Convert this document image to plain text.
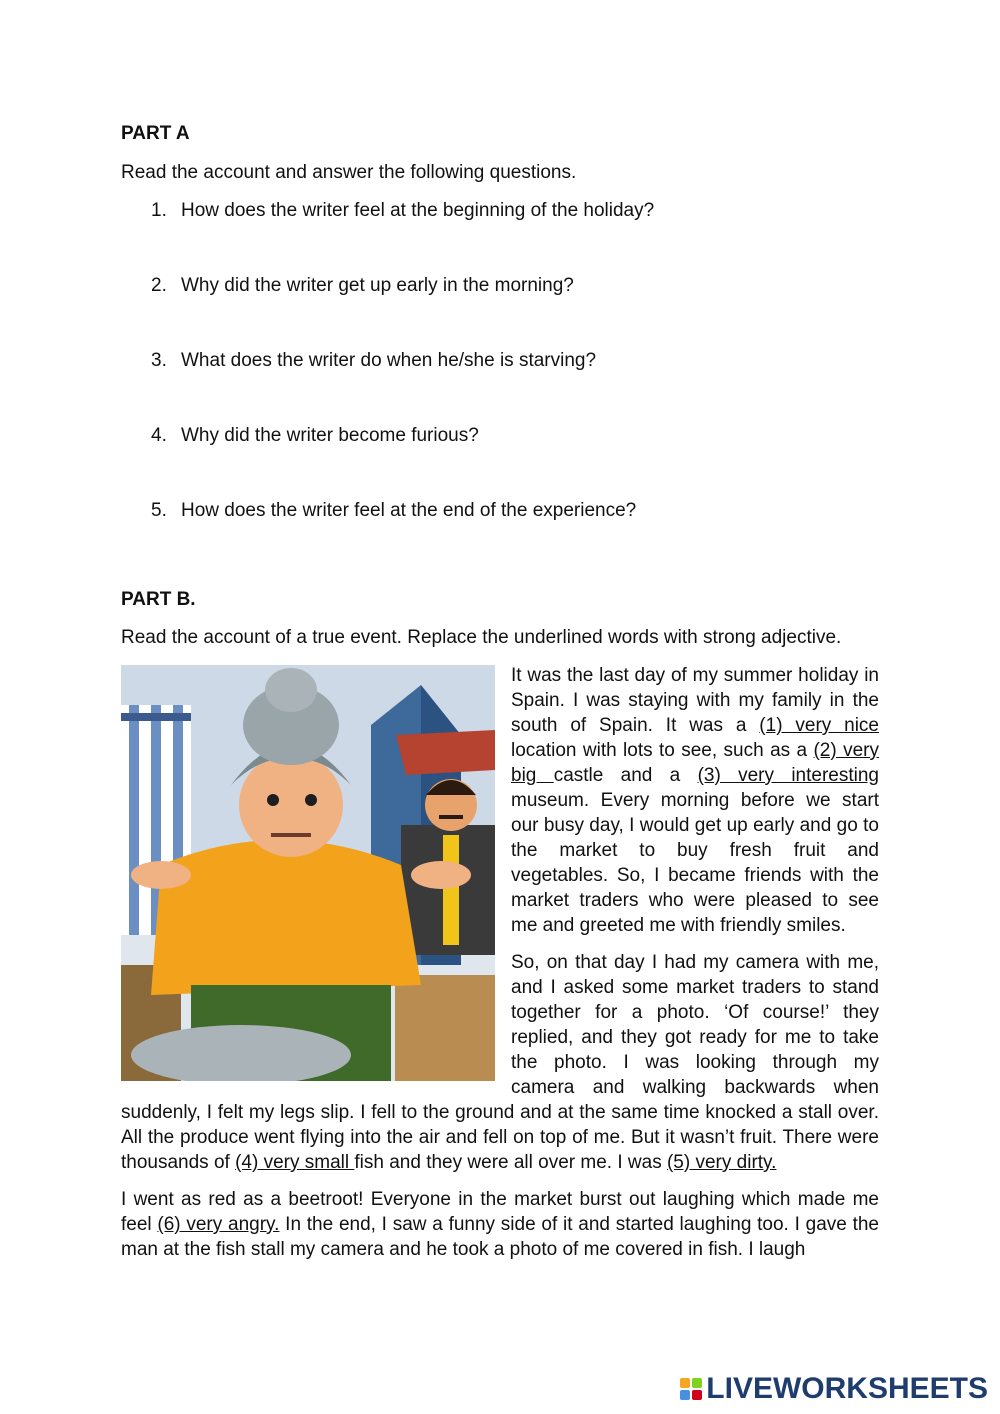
PART A
Read the account and answer the following questions.
1. How does the writer feel at the beginning of the holiday?
2. Why did the writer get up early in the morning?
3. What does the writer do when he/she is starving?
4. Why did the writer become furious?
5. How does the writer feel at the end of the experience?
PART B.
Read the account of a true event. Replace the underlined words with strong adjective.

It was the last day of my summer holiday in Spain. I was staying with my family in the south of Spain. It was a (1) very nice location with lots to see, such as a (2) very big castle and a (3) very interesting museum. Every morning before we start our busy day, I would get up early and go to the market to buy fresh fruit and vegetables. So, I became friends with the market traders who were pleased to see me and greeted me with friendly smiles.

So, on that day I had my camera with me, and I asked some market traders to stand together for a photo. ‘Of course!’ they replied, and they got ready for me to take the photo. I was looking through my camera and walking backwards when suddenly, I felt my legs slip. I fell to the ground and at the same time knocked a stall over. All the produce went flying into the air and fell on top of me. But it wasn’t fruit. There were thousands of (4) very small fish and they were all over me. I was (5) very dirty.

I went as red as a beetroot! Everyone in the market burst out laughing which made me feel (6) very angry. In the end, I saw a funny side of it and started laughing too. I gave the man at the fish stall my camera and he took a photo of me covered in fish. I laugh

LIVEWORKSHEETS
